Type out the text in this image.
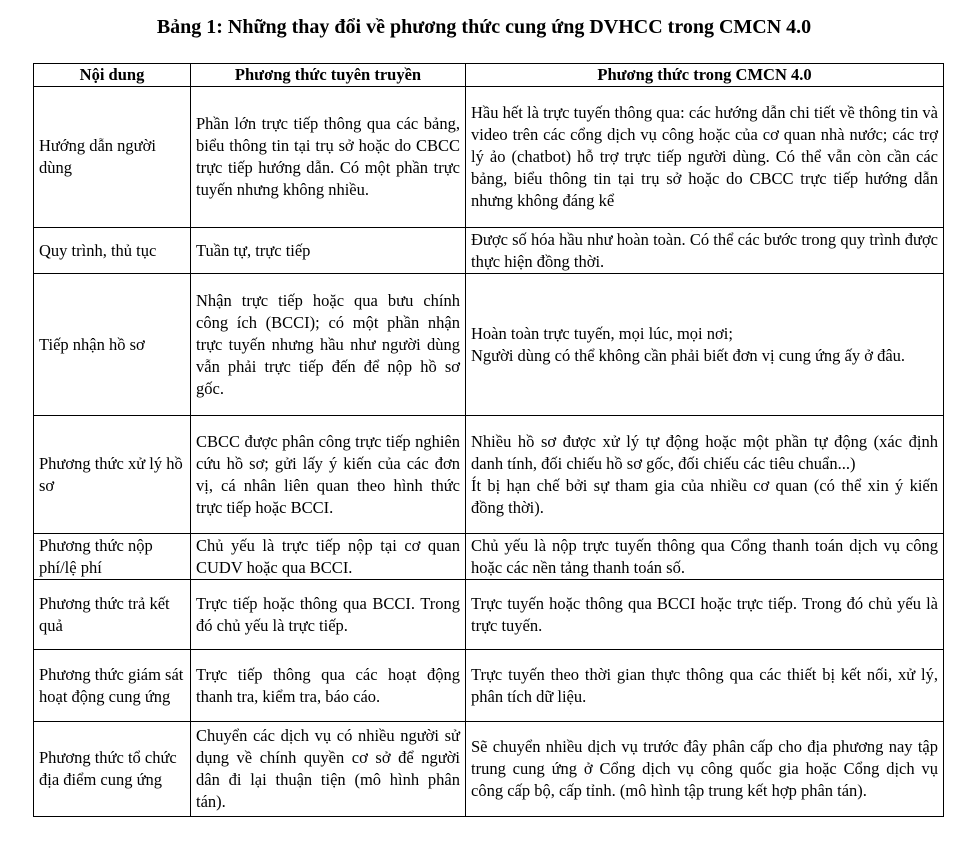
Bảng 1: Những thay đổi về phương thức cung ứng DVHCC trong CMCN 4.0
Nội dung	Phương thức tuyên truyền	Phương thức trong CMCN 4.0
Hướng dẫn người dùng	Phần lớn trực tiếp thông qua các bảng, biểu thông tin tại trụ sở hoặc do CBCC trực tiếp hướng dẫn. Có một phần trực tuyến nhưng không nhiều.	Hầu hết là trực tuyến thông qua: các hướng dẫn chi tiết về thông tin và video trên các cổng dịch vụ công hoặc của cơ quan nhà nước; các trợ lý ảo (chatbot) hỗ trợ trực tiếp người dùng. Có thể vẫn còn cần các bảng, biểu thông tin tại trụ sở hoặc do CBCC trực tiếp hướng dẫn nhưng không đáng kể
Quy trình, thủ tục	Tuần tự, trực tiếp	Được số hóa hầu như hoàn toàn. Có thể các bước trong quy trình được thực hiện đồng thời.
Tiếp nhận hồ sơ	Nhận trực tiếp hoặc qua bưu chính công ích (BCCI); có một phần nhận trực tuyến nhưng hầu như người dùng vẫn phải trực tiếp đến để nộp hồ sơ gốc.	Hoàn toàn trực tuyến, mọi lúc, mọi nơi;
Người dùng có thể không cần phải biết đơn vị cung ứng ấy ở đâu.

Phương thức xử lý hồ sơ	CBCC được phân công trực tiếp nghiên cứu hồ sơ; gửi lấy ý kiến của các đơn vị, cá nhân liên quan theo hình thức trực tiếp hoặc BCCI.	Nhiều hồ sơ được xử lý tự động hoặc một phần tự động (xác định danh tính, đối chiếu hồ sơ gốc, đối chiếu các tiêu chuẩn...)
Ít bị hạn chế bởi sự tham gia của nhiều cơ quan (có thể xin ý kiến đồng thời).

Phương thức nộp phí/lệ phí	Chủ yếu là trực tiếp nộp tại cơ quan CUDV hoặc qua BCCI.	Chủ yếu là nộp trực tuyến thông qua Cổng thanh toán dịch vụ công hoặc các nền tảng thanh toán số.
Phương thức trả kết quả	Trực tiếp hoặc thông qua BCCI. Trong đó chủ yếu là trực tiếp.	Trực tuyến hoặc thông qua BCCI hoặc trực tiếp. Trong đó chủ yếu là trực tuyến.
Phương thức giám sát hoạt động cung ứng	Trực tiếp thông qua các hoạt động thanh tra, kiểm tra, báo cáo.	Trực tuyến theo thời gian thực thông qua các thiết bị kết nối, xử lý, phân tích dữ liệu.
Phương thức tổ chức địa điểm cung ứng	Chuyển các dịch vụ có nhiều người sử dụng về chính quyền cơ sở để người dân đi lại thuận tiện (mô hình phân tán).	Sẽ chuyển nhiều dịch vụ trước đây phân cấp cho địa phương nay tập trung cung ứng ở Cổng dịch vụ công quốc gia hoặc Cổng dịch vụ công cấp bộ, cấp tỉnh. (mô hình tập trung kết hợp phân tán).
